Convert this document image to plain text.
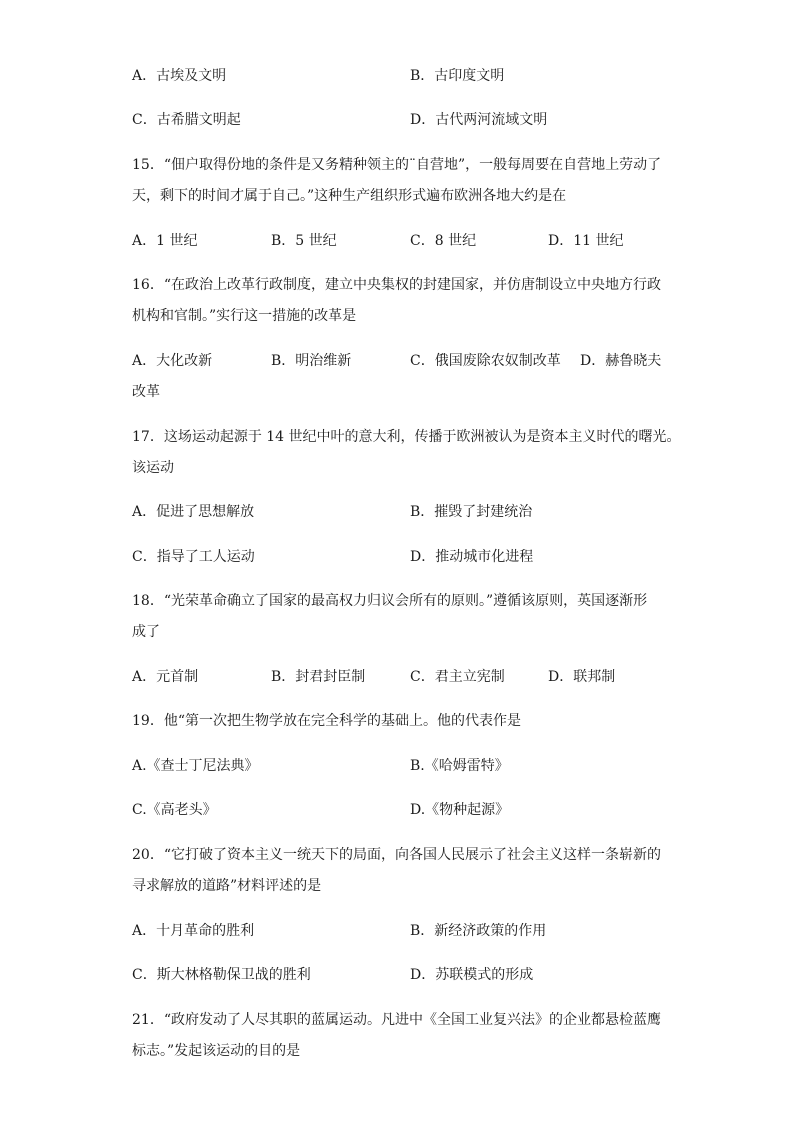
A．古埃及文明	B．古印度文明
C．古希腊文明起	D．古代两河流域文明
15．“佃户取得份地的条件是又务精种领主的¨自营地”，一般每周要在自营地上劳动了
天，剩下的时间才属于自己。”这种生产组织形式遍布欧洲各地大约是在
A．1 世纪	B．5 世纪	C．8 世纪	D．11 世纪
16．“在政治上改革行政制度，建立中央集权的封建国家，并仿唐制设立中央地方行政
机构和官制。”实行这一措施的改革是
A．大化改新	B．明治维新	C．俄国废除农奴制改革 D．赫鲁晓夫
改革
17．这场运动起源于 14 世纪中叶的意大利，传播于欧洲被认为是资本主义时代的曙光。
该运动
A．促进了思想解放	B．摧毁了封建统治
C．指导了工人运动	D．推动城市化进程
18．“光荣革命确立了国家的最高权力归议会所有的原则。”遵循该原则，英国逐渐形
成了
A．元首制	B．封君封臣制	C．君主立宪制	D．联邦制
19．他“第一次把生物学放在完全科学的基础上。他的代表作是
A.《查士丁尼法典》	B.《哈姆雷特》
C.《高老头》	D.《物种起源》
20．“它打破了资本主义一统天下的局面，向各国人民展示了社会主义这样一条崭新的
寻求解放的道路”材料评述的是
A．十月革命的胜利	B．新经济政策的作用
C．斯大林格勒保卫战的胜利	D．苏联模式的形成
21．“政府发动了人尽其职的蓝属运动。凡进中《全国工业复兴法》的企业都悬检蓝鹰
标志。”发起该运动的目的是
